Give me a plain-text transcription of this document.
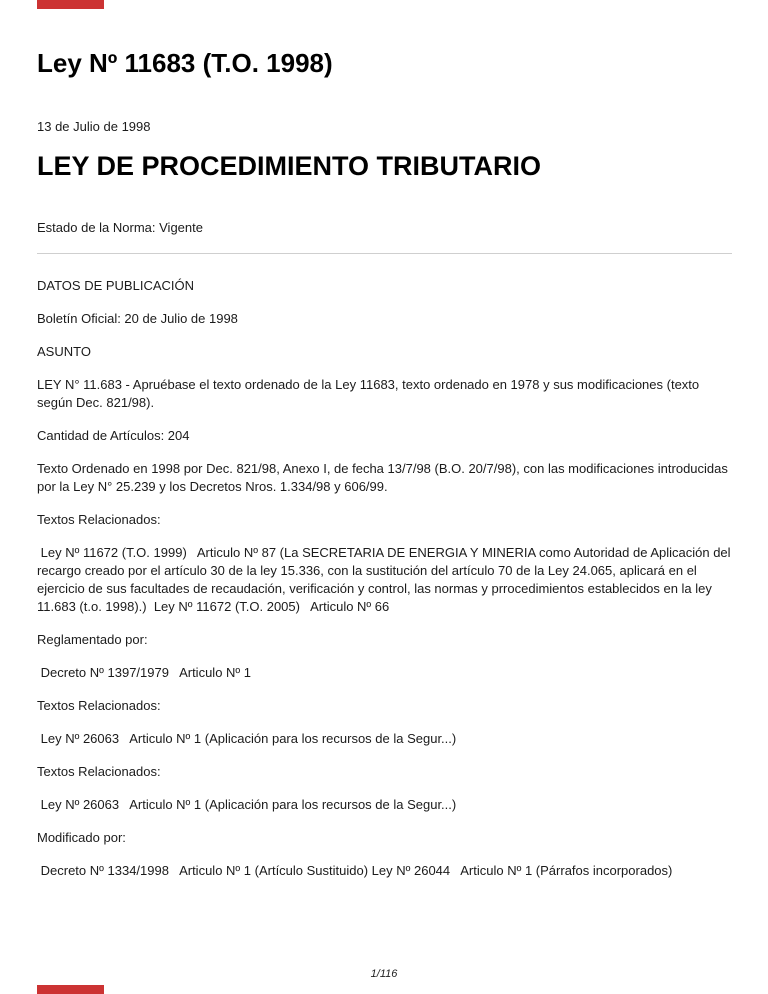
Ley Nº 11683 (T.O. 1998)

13 de Julio de 1998

LEY DE PROCEDIMIENTO TRIBUTARIO

Estado de la Norma: Vigente

DATOS DE PUBLICACIÓN

Boletín Oficial: 20 de Julio de 1998

ASUNTO

LEY N° 11.683 - Apruébase el texto ordenado de la Ley 11683, texto ordenado en 1978 y sus modificaciones (texto según Dec. 821/98).

Cantidad de Artículos: 204

Texto Ordenado en 1998 por Dec. 821/98, Anexo I, de fecha 13/7/98 (B.O. 20/7/98), con las modificaciones introducidas por la Ley N° 25.239 y los Decretos Nros. 1.334/98 y 606/99.

Textos Relacionados:

Ley Nº 11672 (T.O. 1999)   Articulo Nº 87 (La SECRETARIA DE ENERGIA Y MINERIA como Autoridad de Aplicación del recargo creado por el artículo 30 de la ley 15.336, con la sustitución del artículo 70 de la Ley 24.065, aplicará en el ejercicio de sus facultades de recaudación, verificación y control, las normas y prrocedimientos establecidos en la ley 11.683 (t.o. 1998).)  Ley Nº 11672 (T.O. 2005)   Articulo Nº 66

Reglamentado por:

Decreto Nº 1397/1979   Articulo Nº 1

Textos Relacionados:

Ley Nº 26063   Articulo Nº 1 (Aplicación para los recursos de la Segur...)

Textos Relacionados:

Ley Nº 26063   Articulo Nº 1 (Aplicación para los recursos de la Segur...)

Modificado por:

Decreto Nº 1334/1998   Articulo Nº 1 (Artículo Sustituido) Ley Nº 26044   Articulo Nº 1 (Párrafos incorporados)

1/116
